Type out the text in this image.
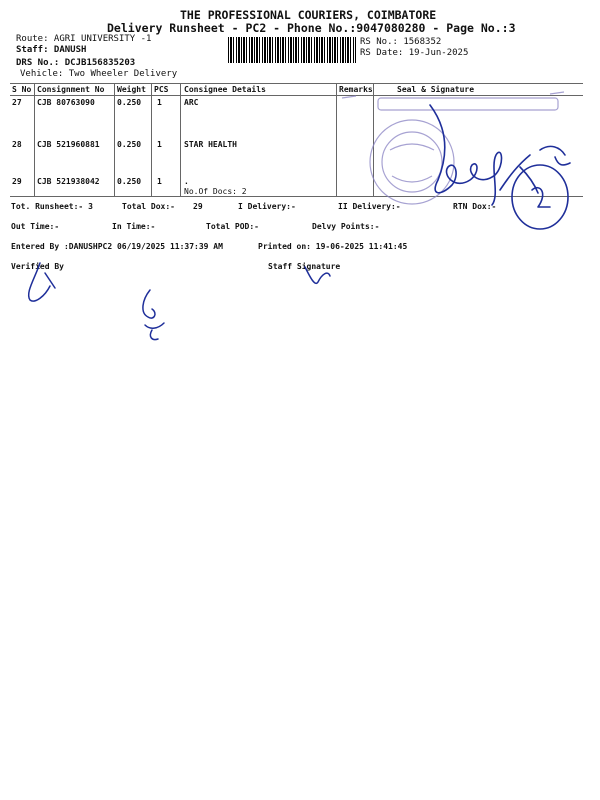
THE PROFESSIONAL COURIERS, COIMBATORE
Delivery Runsheet - PC2 - Phone No.:9047080280 - Page No.:3
Route: AGRI UNIVERSITY -1
Staff: DANUSH
DRS No.: DCJB156835203
Vehicle: Two Wheeler Delivery
RS No.: 1568352
RS Date: 19-Jun-2025
S No Consignment No Weight PCS Consignee Details	Remarks	Seal & Signature
27 CJB 80763090	0.250 1	ARC
28 CJB 521960881 0.250 1	STAR HEALTH
29 CJB 521938042 0.250 1	.
No.Of Docs: 2
Tot. Runsheet:- 3	Total Dox:- 29	I Delivery:-	II Delivery:-	RTN Dox:-
Out Time:-	In Time:-	Total POD:-	Delvy Points:-
Entered By :DANUSHPC2 06/19/2025 11:37:39 AM	Printed on: 19-06-2025 11:41:45
Verified By	Staff Signature
